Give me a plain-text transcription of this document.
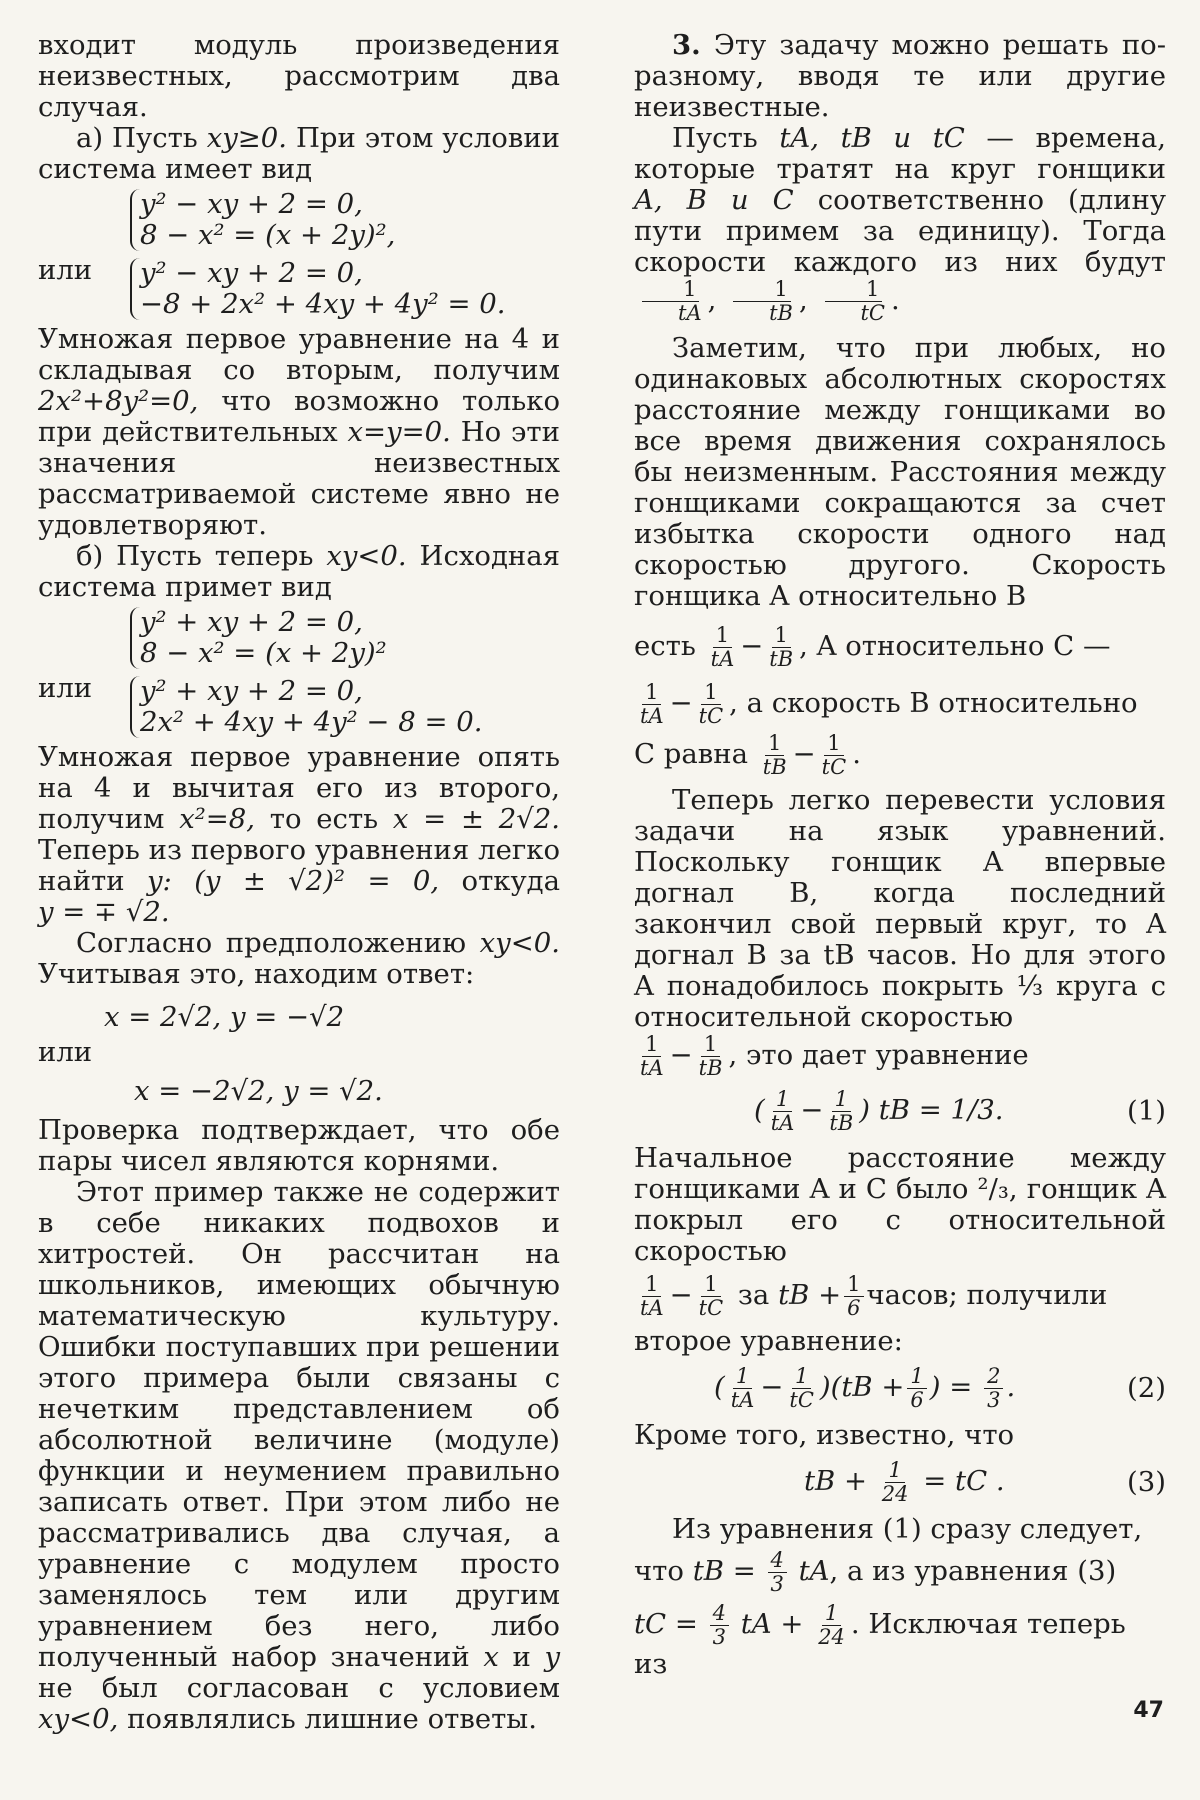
входит модуль произведения неизвестных, рассмотрим два случая.

а) Пусть xy≥0. При этом условии система имеет вид

y² − xy + 2 = 0,
8 − x² = (x + 2y)²,

или	y² − xy + 2 = 0,
−8 + 2x² + 4xy + 4y² = 0.

Умножая первое уравнение на 4 и складывая со вторым, получим 2x²+8y²=0, что возможно только при действительных x=y=0. Но эти значения неизвестных рассматриваемой системе явно не удовлетворяют.

б) Пусть теперь xy<0. Исходная система примет вид

y² + xy + 2 = 0,
8 − x² = (x + 2y)²

или	y² + xy + 2 = 0,
2x² + 4xy + 4y² − 8 = 0.

Умножая первое уравнение опять на 4 и вычитая его из второго, получим x²=8, то есть x = ± 2√2. Теперь из первого уравнения легко найти y: (y ± √2)² = 0, откуда y = ∓ √2.

Согласно предположению xy<0. Учитывая это, находим ответ:

x = 2√2, y = −√2

или

x = −2√2, y = √2.

Проверка подтверждает, что обе пары чисел являются корнями.

Этот пример также не содержит в себе никаких подвохов и хитростей. Он рассчитан на школьников, имеющих обычную математическую культуру. Ошибки поступавших при решении этого примера были связаны с нечетким представлением об абсолютной величине (модуле) функции и неумением правильно записать ответ. При этом либо не рассматривались два случая, а уравнение с модулем просто заменялось тем или другим уравнением без него, либо полученный набор значений x и y не был согласован с условием xy<0, появлялись лишние ответы.

3. Эту задачу можно решать по-разному, вводя те или другие неизвестные.

Пусть tA, tB и tC — времена, которые тратят на круг гонщики A, B и C соответственно (длину пути примем за единицу). Тогда скорости каждого из них будут
$\frac{1}{tA}$ , $\frac{1}{tB}$ , $\frac{1}{tC}$ .

Заметим, что при любых, но одинаковых абсолютных скоростях расстояние между гонщиками во все время движения сохранялось бы неизменным. Расстояния между гонщиками сокращаются за счет избытка скорости одного над скоростью другого. Скорость гонщика A относительно B

есть $\frac{1}{tA} - \frac{1}{tB}$ , A относительно C —

$\frac{1}{tA} - \frac{1}{tC}$ , а скорость B относительно

C равна $\frac{1}{tB} - \frac{1}{tC}$ .

Теперь легко перевести условия задачи на язык уравнений. Поскольку гонщик A впервые догнал B, когда последний закончил свой первый круг, то A догнал B за tB часов. Но для этого A понадобилось покрыть ⅓ круга с относительной скоростью

$\frac{1}{tA} - \frac{1}{tB}$ , это дает уравнение

( $\frac{1}{tA} - \frac{1}{tB}$ ) tB = 1/3.	(1)

Начальное расстояние между гонщиками A и C было ²/₃, гонщик A покрыл его с относительной скоростью

$\frac{1}{tA} - \frac{1}{tC}$ за tB + $\frac{1}{6}$ часов; получили

второе уравнение:

( $\frac{1}{tA} - \frac{1}{tC} )(tB + \frac{1}{6}$ ) = $\frac{2}{3}$ .	(2)

Кроме того, известно, что

tB + $\frac{1}{24}$ = tC .	(3)

Из уравнения (1) сразу следует,

что tB = $\frac{4}{3}$ tA, а из уравнения (3)

tC = $\frac{4}{3}$ tA + $\frac{1}{24}$ . Исключая теперь из

47
